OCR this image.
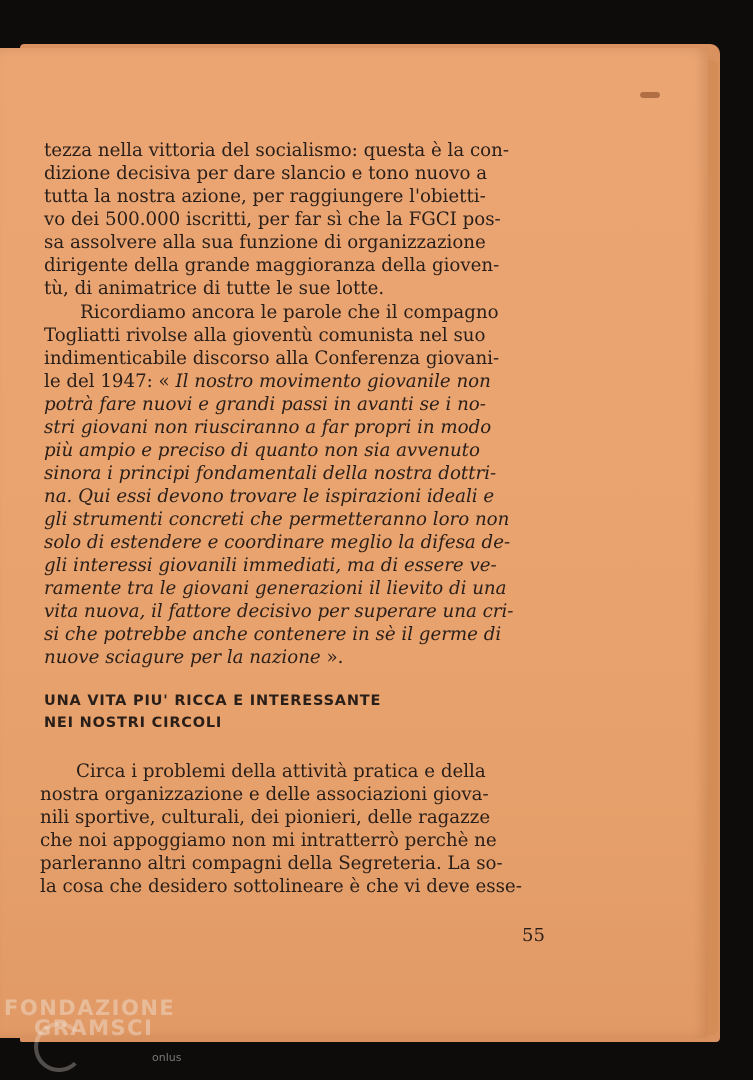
tezza nella vittoria del socialismo: questa è la con-
dizione decisiva per dare slancio e tono nuovo a
tutta la nostra azione, per raggiungere l'obietti-
vo dei 500.000 iscritti, per far sì che la FGCI pos-
sa assolvere alla sua funzione di organizzazione
dirigente della grande maggioranza della gioven-
tù, di animatrice di tutte le sue lotte.
Ricordiamo ancora le parole che il compagno
Togliatti rivolse alla gioventù comunista nel suo
indimenticabile discorso alla Conferenza giovani-
le del 1947: « Il nostro movimento giovanile non
potrà fare nuovi e grandi passi in avanti se i no-
stri giovani non riusciranno a far propri in modo
più ampio e preciso di quanto non sia avvenuto
sinora i principi fondamentali della nostra dottri-
na. Qui essi devono trovare le ispirazioni ideali e
gli strumenti concreti che permetteranno loro non
solo di estendere e coordinare meglio la difesa de-
gli interessi giovanili immediati, ma di essere ve-
ramente tra le giovani generazioni il lievito di una
vita nuova, il fattore decisivo per superare una cri-
si che potrebbe anche contenere in sè il germe di
nuove sciagure per la nazione ».
UNA VITA PIU' RICCA E INTERESSANTE
NEI NOSTRI CIRCOLI
Circa i problemi della attività pratica e della
nostra organizzazione e delle associazioni giova-
nili sportive, culturali, dei pionieri, delle ragazze
che noi appoggiamo non mi intratterrò perchè ne
parleranno altri compagni della Segreteria. La so-
la cosa che desidero sottolineare è che vi deve esse-
55
FONDAZIONE
GRAMSCI
onlus
